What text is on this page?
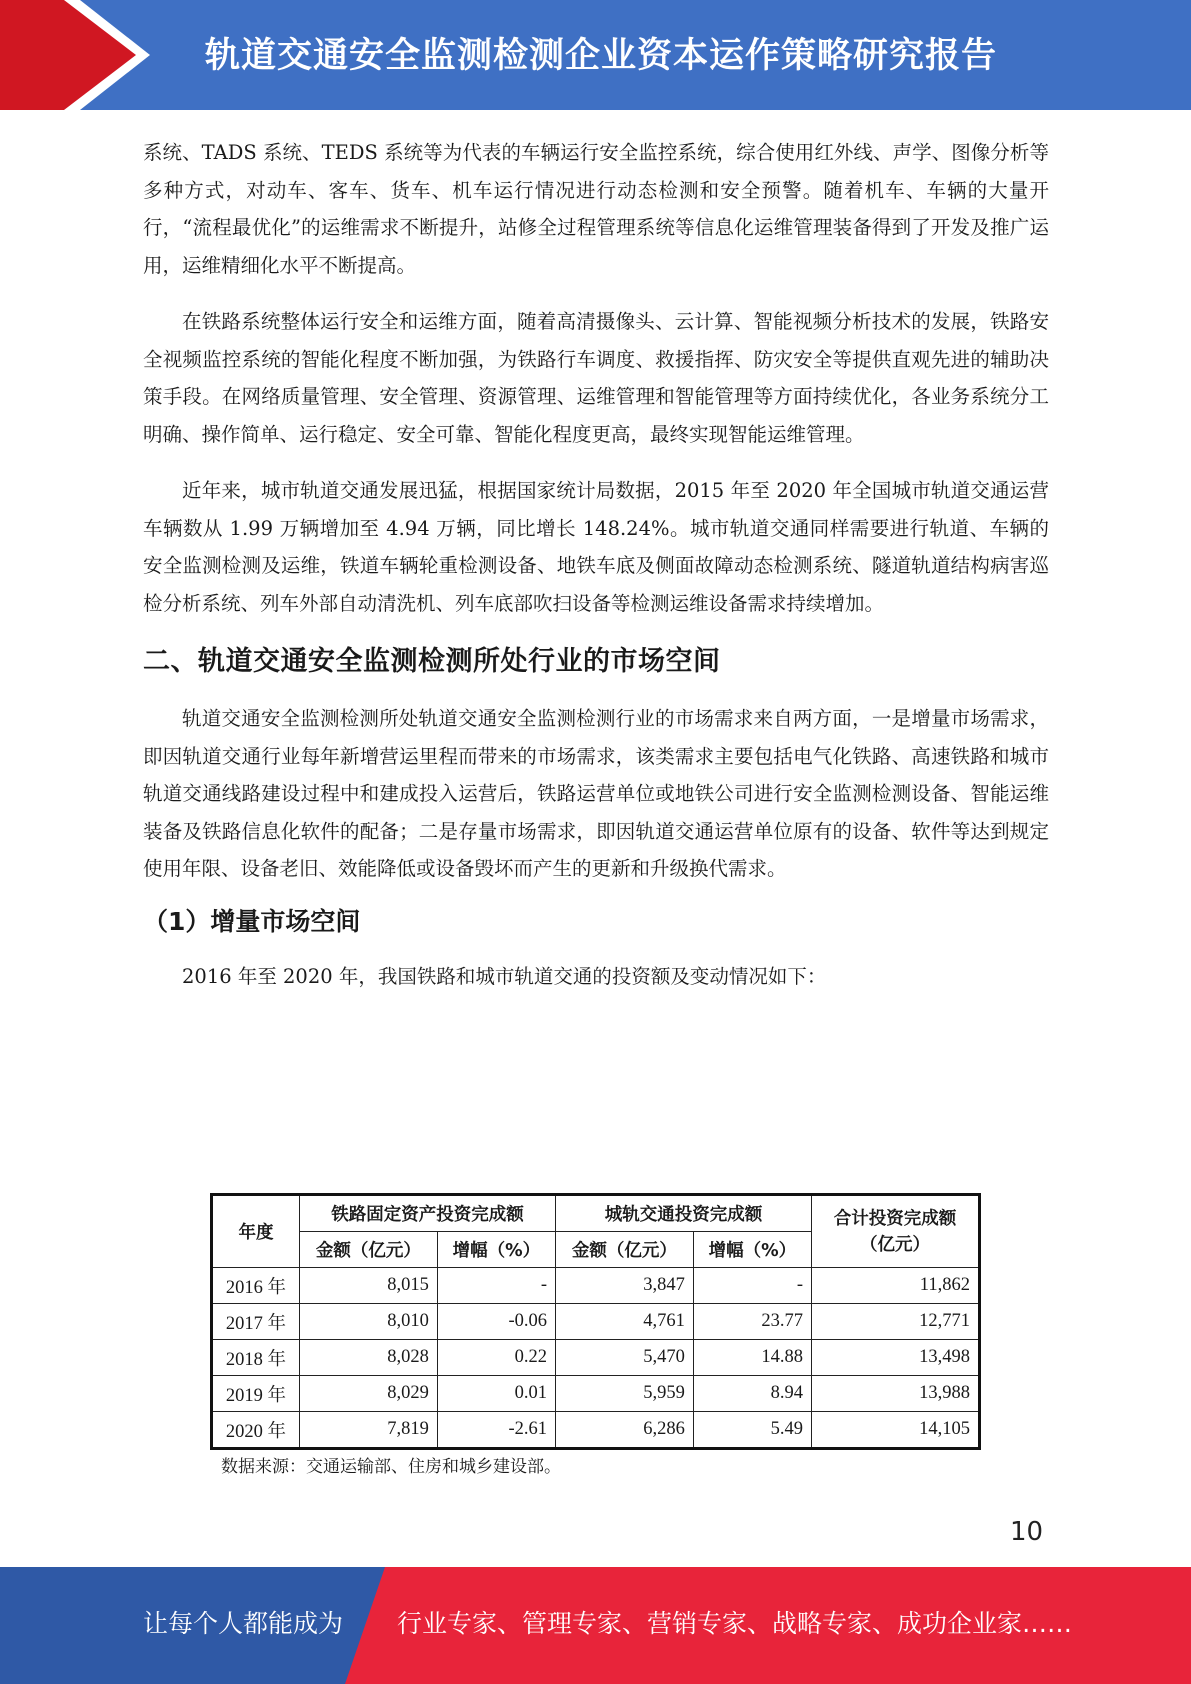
轨道交通安全监测检测企业资本运作策略研究报告

系统、TADS 系统、TEDS 系统等为代表的车辆运行安全监控系统，综合使用红外线、声学、图像分析等多种方式，对动车、客车、货车、机车运行情况进行动态检测和安全预警。随着机车、车辆的大量开行，“流程最优化”的运维需求不断提升，站修全过程管理系统等信息化运维管理装备得到了开发及推广运用，运维精细化水平不断提高。

在铁路系统整体运行安全和运维方面，随着高清摄像头、云计算、智能视频分析技术的发展，铁路安全视频监控系统的智能化程度不断加强，为铁路行车调度、救援指挥、防灾安全等提供直观先进的辅助决策手段。在网络质量管理、安全管理、资源管理、运维管理和智能管理等方面持续优化，各业务系统分工明确、操作简单、运行稳定、安全可靠、智能化程度更高，最终实现智能运维管理。

近年来，城市轨道交通发展迅猛，根据国家统计局数据，2015 年至 2020 年全国城市轨道交通运营车辆数从 1.99 万辆增加至 4.94 万辆，同比增长 148.24%。城市轨道交通同样需要进行轨道、车辆的安全监测检测及运维，铁道车辆轮重检测设备、地铁车底及侧面故障动态检测系统、隧道轨道结构病害巡检分析系统、列车外部自动清洗机、列车底部吹扫设备等检测运维设备需求持续增加。

二、轨道交通安全监测检测所处行业的市场空间

轨道交通安全监测检测所处轨道交通安全监测检测行业的市场需求来自两方面，一是增量市场需求，即因轨道交通行业每年新增营运里程而带来的市场需求，该类需求主要包括电气化铁路、高速铁路和城市轨道交通线路建设过程中和建成投入运营后，铁路运营单位或地铁公司进行安全监测检测设备、智能运维装备及铁路信息化软件的配备；二是存量市场需求，即因轨道交通运营单位原有的设备、软件等达到规定使用年限、设备老旧、效能降低或设备毁坏而产生的更新和升级换代需求。

（1）增量市场空间

2016 年至 2020 年，我国铁路和城市轨道交通的投资额及变动情况如下：

年度	铁路固定资产投资完成额		城轨交通投资完成额		合计投资完成额（亿元）
	金额（亿元）	增幅（%）	金额（亿元）	增幅（%）	
2016 年	8,015	-	3,847	-	11,862
2017 年	8,010	-0.06	4,761	23.77	12,771
2018 年	8,028	0.22	5,470	14.88	13,498
2019 年	8,029	0.01	5,959	8.94	13,988
2020 年	7,819	-2.61	6,286	5.49	14,105
数据来源：交通运输部、住房和城乡建设部。
10
让每个人都能成为 行业专家、管理专家、营销专家、战略专家、成功企业家……
